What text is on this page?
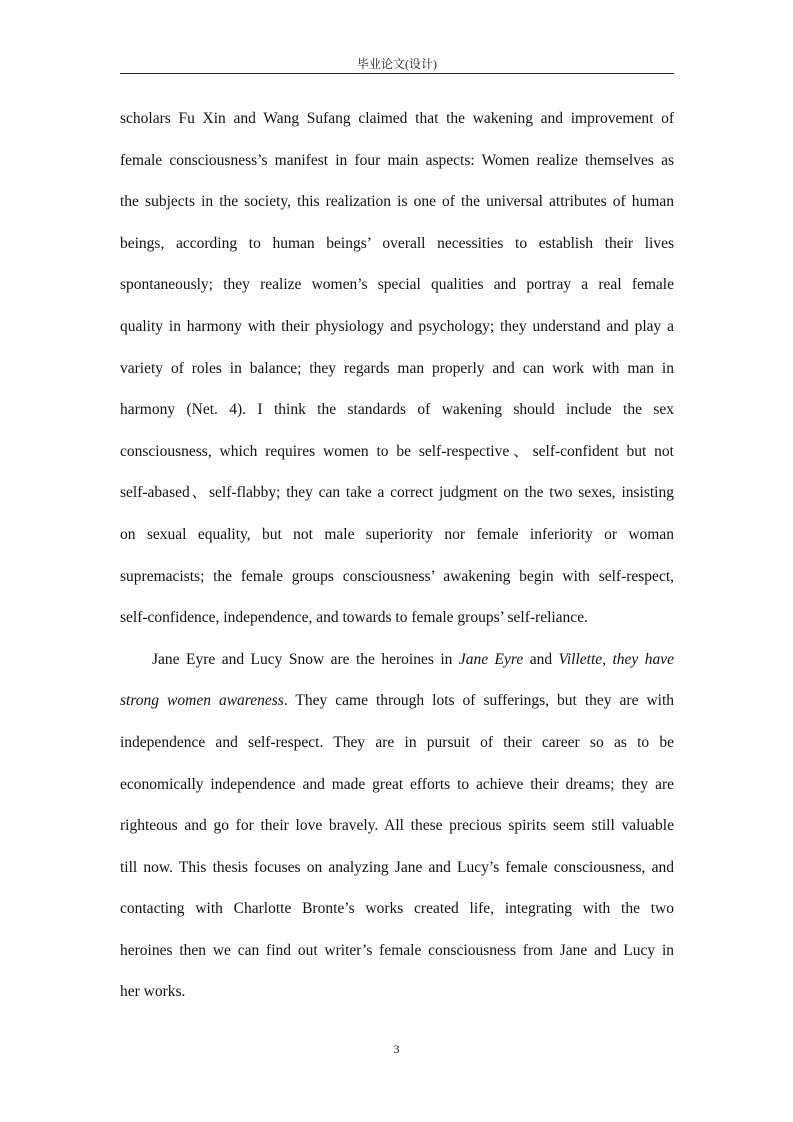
毕业论文(设计)
scholars Fu Xin and Wang Sufang claimed that the wakening and improvement of
female consciousness’s manifest in four main aspects: Women realize themselves as
the subjects in the society, this realization is one of the universal attributes of human
beings, according to human beings’ overall necessities to establish their lives
spontaneously; they realize women’s special qualities and portray a real female
quality in harmony with their physiology and psychology; they understand and play a
variety of roles in balance; they regards man properly and can work with man in
harmony (Net. 4). I think the standards of wakening should include the sex
consciousness, which requires women to be self-respective、self-confident but not
self-abased、self-flabby; they can take a correct judgment on the two sexes, insisting
on sexual equality, but not male superiority nor female inferiority or woman
supremacists; the female groups consciousness’ awakening begin with self-respect,
self-confidence, independence, and towards to female groups’ self-reliance.
Jane Eyre and Lucy Snow are the heroines in Jane Eyre and Villette, they have
strong women awareness. They came through lots of sufferings, but they are with
independence and self-respect. They are in pursuit of their career so as to be
economically independence and made great efforts to achieve their dreams; they are
righteous and go for their love bravely. All these precious spirits seem still valuable
till now. This thesis focuses on analyzing Jane and Lucy’s female consciousness, and
contacting with Charlotte Bronte’s works created life, integrating with the two
heroines then we can find out writer’s female consciousness from Jane and Lucy in
her works.
3
